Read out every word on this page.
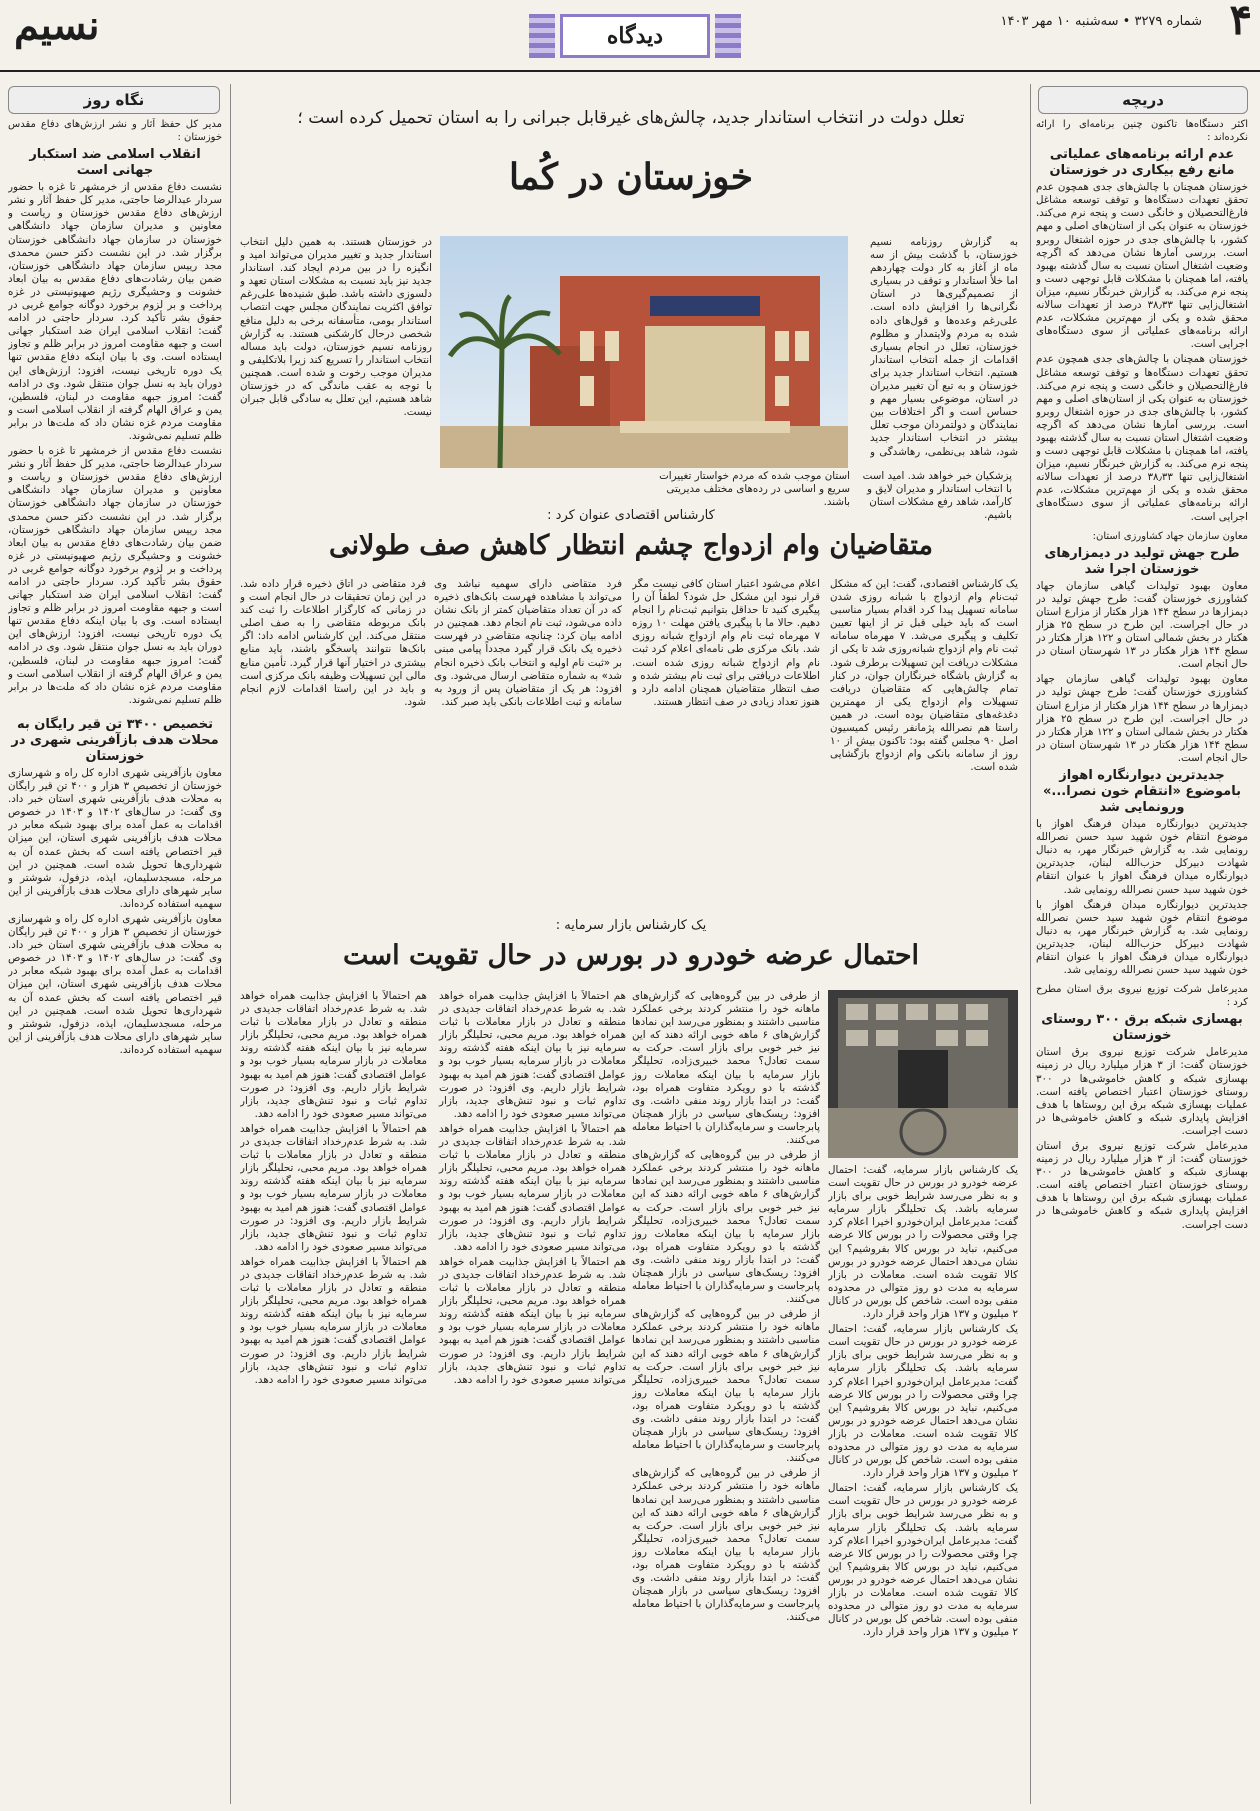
۴
شماره ۳۲۷۹ • سه‌شنبه ۱۰ مهر ۱۴۰۳
دیدگاه
نسیم
دریچه

اکثر دستگاه‌ها تاکنون چنین برنامه‌ای را ارائه نکرده‌اند :

عدم ارائه برنامه‌های عملیاتی مانع رفع بیکاری در خوزستان

خوزستان همچنان با چالش‌های جدی همچون عدم تحقق تعهدات دستگاه‌ها و توقف توسعه مشاغل فارغ‌التحصیلان و خانگی دست و پنجه نرم می‌کند. خوزستان به عنوان یکی از استان‌های اصلی و مهم کشور، با چالش‌های جدی در حوزه اشتغال روبرو است. بررسی آمارها نشان می‌دهد که اگرچه وضعیت اشتغال استان نسبت به سال گذشته بهبود یافته، اما همچنان با مشکلات قابل توجهی دست و پنجه نرم می‌کند. به گزارش خبرنگار نسیم، میزان اشتغال‌زایی تنها ۳۸٫۳۳ درصد از تعهدات سالانه محقق شده و یکی از مهم‌ترین مشکلات، عدم ارائه برنامه‌های عملیاتی از سوی دستگاه‌های اجرایی است.

خوزستان همچنان با چالش‌های جدی همچون عدم تحقق تعهدات دستگاه‌ها و توقف توسعه مشاغل فارغ‌التحصیلان و خانگی دست و پنجه نرم می‌کند. خوزستان به عنوان یکی از استان‌های اصلی و مهم کشور، با چالش‌های جدی در حوزه اشتغال روبرو است. بررسی آمارها نشان می‌دهد که اگرچه وضعیت اشتغال استان نسبت به سال گذشته بهبود یافته، اما همچنان با مشکلات قابل توجهی دست و پنجه نرم می‌کند. به گزارش خبرنگار نسیم، میزان اشتغال‌زایی تنها ۳۸٫۳۳ درصد از تعهدات سالانه محقق شده و یکی از مهم‌ترین مشکلات، عدم ارائه برنامه‌های عملیاتی از سوی دستگاه‌های اجرایی است.

معاون سازمان جهاد کشاورزی استان:
طرح جهش تولید در دیمزارهای خوزستان اجرا شد

معاون بهبود تولیدات گیاهی سازمان جهاد کشاورزی خوزستان گفت: طرح جهش تولید در دیمزارها در سطح ۱۴۴ هزار هکتار از مزارع استان در حال اجراست. این طرح در سطح ۲۵ هزار هکتار در بخش شمالی استان و ۱۲۲ هزار هکتار در سطح ۱۴۴ هزار هکتار در ۱۳ شهرستان استان در حال انجام است.

معاون بهبود تولیدات گیاهی سازمان جهاد کشاورزی خوزستان گفت: طرح جهش تولید در دیمزارها در سطح ۱۴۴ هزار هکتار از مزارع استان در حال اجراست. این طرح در سطح ۲۵ هزار هکتار در بخش شمالی استان و ۱۲۲ هزار هکتار در سطح ۱۴۴ هزار هکتار در ۱۳ شهرستان استان در حال انجام است.

جدیدترین دیوارنگاره اهواز باموضوع «انتقام خون نصرا...» ورونمایی شد

جدیدترین دیوارنگاره میدان فرهنگ اهواز با موضوع انتقام خون شهید سید حسن نصرالله رونمایی شد. به گزارش خبرنگار مهر، به دنبال شهادت دبیرکل حزب‌الله لبنان، جدیدترین دیوارنگاره میدان فرهنگ اهواز با عنوان انتقام خون شهید سید حسن نصرالله رونمایی شد.

جدیدترین دیوارنگاره میدان فرهنگ اهواز با موضوع انتقام خون شهید سید حسن نصرالله رونمایی شد. به گزارش خبرنگار مهر، به دنبال شهادت دبیرکل حزب‌الله لبنان، جدیدترین دیوارنگاره میدان فرهنگ اهواز با عنوان انتقام خون شهید سید حسن نصرالله رونمایی شد.

مدیرعامل شرکت توزیع نیروی برق استان مطرح کرد :
بهسازی شبکه برق ۳۰۰ روستای خوزستان

مدیرعامل شرکت توزیع نیروی برق استان خوزستان گفت: از ۳ هزار میلیارد ریال در زمینه بهسازی شبکه و کاهش خاموشی‌ها در ۳۰۰ روستای خوزستان اعتبار اختصاص یافته است. عملیات بهسازی شبکه برق این روستاها با هدف افزایش پایداری شبکه و کاهش خاموشی‌ها در دست اجراست.

مدیرعامل شرکت توزیع نیروی برق استان خوزستان گفت: از ۳ هزار میلیارد ریال در زمینه بهسازی شبکه و کاهش خاموشی‌ها در ۳۰۰ روستای خوزستان اعتبار اختصاص یافته است. عملیات بهسازی شبکه برق این روستاها با هدف افزایش پایداری شبکه و کاهش خاموشی‌ها در دست اجراست.

نگاه روز

مدیر کل حفظ آثار و نشر ارزش‌های دفاع مقدس خوزستان :

انقلاب اسلامی ضد استکبار جهانی است

نشست دفاع مقدس از خرمشهر تا غزه با حضور سردار عبدالرضا حاجتی، مدیر کل حفظ آثار و نشر ارزش‌های دفاع مقدس خوزستان و ریاست و معاونین و مدیران سازمان جهاد دانشگاهی خوزستان در سازمان جهاد دانشگاهی خوزستان برگزار شد. در این نشست دکتر حسن محمدی مجد رییس سازمان جهاد دانشگاهی خوزستان، ضمن بیان رشادت‌های دفاع مقدس به بیان ابعاد خشونت و وحشیگری رژیم صهیونیستی در غزه پرداخت و بر لزوم برخورد دوگانه جوامع غربی در حقوق بشر تأکید کرد. سردار حاجتی در ادامه گفت: انقلاب اسلامی ایران ضد استکبار جهانی است و جبهه مقاومت امروز در برابر ظلم و تجاوز ایستاده است. وی با بیان اینکه دفاع مقدس تنها یک دوره تاریخی نیست، افزود: ارزش‌های این دوران باید به نسل جوان منتقل شود. وی در ادامه گفت: امروز جبهه مقاومت در لبنان، فلسطین، یمن و عراق الهام گرفته از انقلاب اسلامی است و مقاومت مردم غزه نشان داد که ملت‌ها در برابر ظلم تسلیم نمی‌شوند.

نشست دفاع مقدس از خرمشهر تا غزه با حضور سردار عبدالرضا حاجتی، مدیر کل حفظ آثار و نشر ارزش‌های دفاع مقدس خوزستان و ریاست و معاونین و مدیران سازمان جهاد دانشگاهی خوزستان در سازمان جهاد دانشگاهی خوزستان برگزار شد. در این نشست دکتر حسن محمدی مجد رییس سازمان جهاد دانشگاهی خوزستان، ضمن بیان رشادت‌های دفاع مقدس به بیان ابعاد خشونت و وحشیگری رژیم صهیونیستی در غزه پرداخت و بر لزوم برخورد دوگانه جوامع غربی در حقوق بشر تأکید کرد. سردار حاجتی در ادامه گفت: انقلاب اسلامی ایران ضد استکبار جهانی است و جبهه مقاومت امروز در برابر ظلم و تجاوز ایستاده است. وی با بیان اینکه دفاع مقدس تنها یک دوره تاریخی نیست، افزود: ارزش‌های این دوران باید به نسل جوان منتقل شود. وی در ادامه گفت: امروز جبهه مقاومت در لبنان، فلسطین، یمن و عراق الهام گرفته از انقلاب اسلامی است و مقاومت مردم غزه نشان داد که ملت‌ها در برابر ظلم تسلیم نمی‌شوند.

تخصیص ۳۴۰۰ تن قیر رایگان به محلات هدف بازآفرینی شهری در خوزستان

معاون بازآفرینی شهری اداره کل راه و شهرسازی خوزستان از تخصیص ۳ هزار و ۴۰۰ تن قیر رایگان به محلات هدف بازآفرینی شهری استان خبر داد. وی گفت: در سال‌های ۱۴۰۲ و ۱۴۰۳ در خصوص اقدامات به عمل آمده برای بهبود شبکه معابر در محلات هدف بازآفرینی شهری استان، این میزان قیر اختصاص یافته است که بخش عمده آن به شهرداری‌ها تحویل شده است. همچنین در این مرحله، مسجدسلیمان، ایذه، دزفول، شوشتر و سایر شهرهای دارای محلات هدف بازآفرینی از این سهمیه استفاده کرده‌اند.

معاون بازآفرینی شهری اداره کل راه و شهرسازی خوزستان از تخصیص ۳ هزار و ۴۰۰ تن قیر رایگان به محلات هدف بازآفرینی شهری استان خبر داد. وی گفت: در سال‌های ۱۴۰۲ و ۱۴۰۳ در خصوص اقدامات به عمل آمده برای بهبود شبکه معابر در محلات هدف بازآفرینی شهری استان، این میزان قیر اختصاص یافته است که بخش عمده آن به شهرداری‌ها تحویل شده است. همچنین در این مرحله، مسجدسلیمان، ایذه، دزفول، شوشتر و سایر شهرهای دارای محلات هدف بازآفرینی از این سهمیه استفاده کرده‌اند.

تعلل دولت در انتخاب استاندار جدید، چالش‌های غیرقابل جبرانی را به استان تحمیل کرده است ؛
خوزستان در کُما
به گزارش روزنامه نسیم خوزستان، با گذشت بیش از سه ماه از آغاز به کار دولت چهاردهم اما خلأ استاندار و توقف در بسیاری از تصمیم‌گیری‌ها در استان نگرانی‌ها را افزایش داده است. علی‌رغم وعده‌ها و قول‌های داده شده به مردم ولایتمدار و مظلوم خوزستان، تعلل در انجام بسیاری اقدامات از جمله انتخاب استاندار هستیم. انتخاب استاندار جدید برای خوزستان و به تبع آن تغییر مدیران در استان، موضوعی بسیار مهم و حساس است و اگر اختلافات بین نمایندگان و دولتمردان موجب تعلل بیشتر در انتخاب استاندار جدید شود، شاهد بی‌نظمی، رهاشدگی و
در خوزستان هستند. به همین دلیل انتخاب استاندار جدید و تغییر مدیران می‌تواند امید و انگیزه را در بین مردم ایجاد کند. استاندار جدید نیز باید نسبت به مشکلات استان تعهد و دلسوزی داشته باشد. طبق شنیده‌ها علی‌رغم توافق اکثریت نمایندگان مجلس جهت انتصاب استاندار بومی، متأسفانه برخی به دلیل منافع شخصی درحال کارشکنی هستند. به گزارش روزنامه نسیم خوزستان، دولت باید مساله انتخاب استاندار را تسریع کند زیرا بلاتکلیفی و مدیران موجب رخوت و شده است. همچنین با توجه به عقب ماندگی که در خوزستان شاهد هستیم، این تعلل به سادگی قابل جبران نیست.
پزشکیان خبر خواهد شد. امید است با انتخاب استاندار و مدیران لایق و کارآمد، شاهد رفع مشکلات استان باشیم.
استان موجب شده که مردم خواستار تغییرات سریع و اساسی در رده‌های مختلف مدیریتی باشند.
کارشناس اقتصادی عنوان کرد :
متقاضیان وام ازدواج چشم انتظار کاهش صف طولانی
یک کارشناس اقتصادی، گفت: این که مشکل ثبت‌نام وام ازدواج با شبانه روزی شدن سامانه تسهیل پیدا کرد اقدام بسیار مناسبی است که باید خیلی قبل تر از اینها تعیین تکلیف و پیگیری می‌شد. ۷ مهرماه سامانه ثبت نام وام ازدواج شبانه‌روزی شد تا یکی از مشکلات دریافت این تسهیلات برطرف شود. به گزارش باشگاه خبرنگاران جوان، در کنار تمام چالش‌هایی که متقاضیان دریافت تسهیلات وام ازدواج یکی از مهمترین دغدغه‌های متقاضیان بوده است. در همین راستا هم نصرالله پژمانفر رئیس کمیسیون اصل ۹۰ مجلس گفته بود: تاکنون بیش از ۱۰ روز از سامانه بانکی وام ازدواج بازگشایی شده است.
اعلام می‌شود اعتبار استان کافی نیست مگر قرار نبود این مشکل حل شود؟ لطفاً آن را پیگیری کنید تا حداقل بتوانیم ثبت‌نام را انجام دهیم. حالا ما با پیگیری یافتن مهلت ۱۰ روزه ۷ مهرماه ثبت نام وام ازدواج شبانه روزی شد. بانک مرکزی طی نامه‌ای اعلام کرد ثبت نام وام ازدواج شبانه روزی شده است. اطلاعات دریافتی برای ثبت نام بیشتر شده و صف انتظار متقاضیان همچنان ادامه دارد و هنوز تعداد زیادی در صف انتظار هستند.
فرد متقاضی دارای سهمیه نباشد وی می‌تواند با مشاهده فهرست بانک‌های ذخیره که در آن تعداد متقاضیان کمتر از بانک نشان داده می‌شود، ثبت نام انجام دهد. همچنین در ادامه بیان کرد: چنانچه متقاضی در فهرست ذخیره یک بانک قرار گیرد مجدداً پیامی مبنی بر «ثبت نام اولیه و انتخاب بانک ذخیره انجام شد» به شماره متقاضی ارسال می‌شود. وی افزود: هر یک از متقاضیان پس از ورود به سامانه و ثبت اطلاعات بانکی باید صبر کند.
فرد متقاضی در اتاق ذخیره قرار داده شد. در این زمان تحقیقات در حال انجام است و در زمانی که کارگزار اطلاعات را ثبت کند بانک مربوطه متقاضی را به صف اصلی منتقل می‌کند. این کارشناس ادامه داد: اگر بانک‌ها نتوانند پاسخگو باشند، باید منابع بیشتری در اختیار آنها قرار گیرد. تأمین منابع مالی این تسهیلات وظیفه بانک مرکزی است و باید در این راستا اقدامات لازم انجام شود.
یک کارشناس بازار سرمایه :
احتمال عرضه خودرو در بورس در حال تقویت است

یک کارشناس بازار سرمایه، گفت: احتمال عرضه خودرو در بورس در حال تقویت است و به نظر می‌رسد شرایط خوبی برای بازار سرمایه باشد. یک تحلیلگر بازار سرمایه گفت: مدیرعامل ایران‌خودرو اخیرا اعلام کرد چرا وقتی محصولات را در بورس کالا عرضه می‌کنیم، نباید در بورس کالا بفروشیم؟ این نشان می‌دهد احتمال عرضه خودرو در بورس کالا تقویت شده است. معاملات در بازار سرمایه به مدت دو روز متوالی در محدوده منفی بوده است. شاخص کل بورس در کانال ۲ میلیون و ۱۳۷ هزار واحد قرار دارد.

یک کارشناس بازار سرمایه، گفت: احتمال عرضه خودرو در بورس در حال تقویت است و به نظر می‌رسد شرایط خوبی برای بازار سرمایه باشد. یک تحلیلگر بازار سرمایه گفت: مدیرعامل ایران‌خودرو اخیرا اعلام کرد چرا وقتی محصولات را در بورس کالا عرضه می‌کنیم، نباید در بورس کالا بفروشیم؟ این نشان می‌دهد احتمال عرضه خودرو در بورس کالا تقویت شده است. معاملات در بازار سرمایه به مدت دو روز متوالی در محدوده منفی بوده است. شاخص کل بورس در کانال ۲ میلیون و ۱۳۷ هزار واحد قرار دارد.

یک کارشناس بازار سرمایه، گفت: احتمال عرضه خودرو در بورس در حال تقویت است و به نظر می‌رسد شرایط خوبی برای بازار سرمایه باشد. یک تحلیلگر بازار سرمایه گفت: مدیرعامل ایران‌خودرو اخیرا اعلام کرد چرا وقتی محصولات را در بورس کالا عرضه می‌کنیم، نباید در بورس کالا بفروشیم؟ این نشان می‌دهد احتمال عرضه خودرو در بورس کالا تقویت شده است. معاملات در بازار سرمایه به مدت دو روز متوالی در محدوده منفی بوده است. شاخص کل بورس در کانال ۲ میلیون و ۱۳۷ هزار واحد قرار دارد.

از طرفی در بین گروه‌هایی که گزارش‌های ماهانه خود را منتشر کردند برخی عملکرد مناسبی داشتند و بمنظور می‌رسد این نمادها گزارش‌های ۶ ماهه خوبی ارائه دهند که این نیز خبر خوبی برای بازار است. حرکت به سمت تعادل؟ محمد خبیری‌زاده، تحلیلگر بازار سرمایه با بیان اینکه معاملات روز گذشته با دو رویکرد متفاوت همراه بود، گفت: در ابتدا بازار روند منفی داشت. وی افزود: ریسک‌های سیاسی در بازار همچنان پابرجاست و سرمایه‌گذاران با احتیاط معامله می‌کنند.

از طرفی در بین گروه‌هایی که گزارش‌های ماهانه خود را منتشر کردند برخی عملکرد مناسبی داشتند و بمنظور می‌رسد این نمادها گزارش‌های ۶ ماهه خوبی ارائه دهند که این نیز خبر خوبی برای بازار است. حرکت به سمت تعادل؟ محمد خبیری‌زاده، تحلیلگر بازار سرمایه با بیان اینکه معاملات روز گذشته با دو رویکرد متفاوت همراه بود، گفت: در ابتدا بازار روند منفی داشت. وی افزود: ریسک‌های سیاسی در بازار همچنان پابرجاست و سرمایه‌گذاران با احتیاط معامله می‌کنند.

از طرفی در بین گروه‌هایی که گزارش‌های ماهانه خود را منتشر کردند برخی عملکرد مناسبی داشتند و بمنظور می‌رسد این نمادها گزارش‌های ۶ ماهه خوبی ارائه دهند که این نیز خبر خوبی برای بازار است. حرکت به سمت تعادل؟ محمد خبیری‌زاده، تحلیلگر بازار سرمایه با بیان اینکه معاملات روز گذشته با دو رویکرد متفاوت همراه بود، گفت: در ابتدا بازار روند منفی داشت. وی افزود: ریسک‌های سیاسی در بازار همچنان پابرجاست و سرمایه‌گذاران با احتیاط معامله می‌کنند.

از طرفی در بین گروه‌هایی که گزارش‌های ماهانه خود را منتشر کردند برخی عملکرد مناسبی داشتند و بمنظور می‌رسد این نمادها گزارش‌های ۶ ماهه خوبی ارائه دهند که این نیز خبر خوبی برای بازار است. حرکت به سمت تعادل؟ محمد خبیری‌زاده، تحلیلگر بازار سرمایه با بیان اینکه معاملات روز گذشته با دو رویکرد متفاوت همراه بود، گفت: در ابتدا بازار روند منفی داشت. وی افزود: ریسک‌های سیاسی در بازار همچنان پابرجاست و سرمایه‌گذاران با احتیاط معامله می‌کنند.

هم احتمالاً با افزایش جذابیت همراه خواهد شد. به شرط عدم‌رخداد اتفاقات جدیدی در منطقه و تعادل در بازار معاملات با ثبات همراه خواهد بود. مریم محبی، تحلیلگر بازار سرمایه نیز با بیان اینکه هفته گذشته روند معاملات در بازار سرمایه بسیار خوب بود و عوامل اقتصادی گفت: هنوز هم امید به بهبود شرایط بازار داریم. وی افزود: در صورت تداوم ثبات و نبود تنش‌های جدید، بازار می‌تواند مسیر صعودی خود را ادامه دهد.

هم احتمالاً با افزایش جذابیت همراه خواهد شد. به شرط عدم‌رخداد اتفاقات جدیدی در منطقه و تعادل در بازار معاملات با ثبات همراه خواهد بود. مریم محبی، تحلیلگر بازار سرمایه نیز با بیان اینکه هفته گذشته روند معاملات در بازار سرمایه بسیار خوب بود و عوامل اقتصادی گفت: هنوز هم امید به بهبود شرایط بازار داریم. وی افزود: در صورت تداوم ثبات و نبود تنش‌های جدید، بازار می‌تواند مسیر صعودی خود را ادامه دهد.

هم احتمالاً با افزایش جذابیت همراه خواهد شد. به شرط عدم‌رخداد اتفاقات جدیدی در منطقه و تعادل در بازار معاملات با ثبات همراه خواهد بود. مریم محبی، تحلیلگر بازار سرمایه نیز با بیان اینکه هفته گذشته روند معاملات در بازار سرمایه بسیار خوب بود و عوامل اقتصادی گفت: هنوز هم امید به بهبود شرایط بازار داریم. وی افزود: در صورت تداوم ثبات و نبود تنش‌های جدید، بازار می‌تواند مسیر صعودی خود را ادامه دهد.

هم احتمالاً با افزایش جذابیت همراه خواهد شد. به شرط عدم‌رخداد اتفاقات جدیدی در منطقه و تعادل در بازار معاملات با ثبات همراه خواهد بود. مریم محبی، تحلیلگر بازار سرمایه نیز با بیان اینکه هفته گذشته روند معاملات در بازار سرمایه بسیار خوب بود و عوامل اقتصادی گفت: هنوز هم امید به بهبود شرایط بازار داریم. وی افزود: در صورت تداوم ثبات و نبود تنش‌های جدید، بازار می‌تواند مسیر صعودی خود را ادامه دهد.

هم احتمالاً با افزایش جذابیت همراه خواهد شد. به شرط عدم‌رخداد اتفاقات جدیدی در منطقه و تعادل در بازار معاملات با ثبات همراه خواهد بود. مریم محبی، تحلیلگر بازار سرمایه نیز با بیان اینکه هفته گذشته روند معاملات در بازار سرمایه بسیار خوب بود و عوامل اقتصادی گفت: هنوز هم امید به بهبود شرایط بازار داریم. وی افزود: در صورت تداوم ثبات و نبود تنش‌های جدید، بازار می‌تواند مسیر صعودی خود را ادامه دهد.

هم احتمالاً با افزایش جذابیت همراه خواهد شد. به شرط عدم‌رخداد اتفاقات جدیدی در منطقه و تعادل در بازار معاملات با ثبات همراه خواهد بود. مریم محبی، تحلیلگر بازار سرمایه نیز با بیان اینکه هفته گذشته روند معاملات در بازار سرمایه بسیار خوب بود و عوامل اقتصادی گفت: هنوز هم امید به بهبود شرایط بازار داریم. وی افزود: در صورت تداوم ثبات و نبود تنش‌های جدید، بازار می‌تواند مسیر صعودی خود را ادامه دهد.
